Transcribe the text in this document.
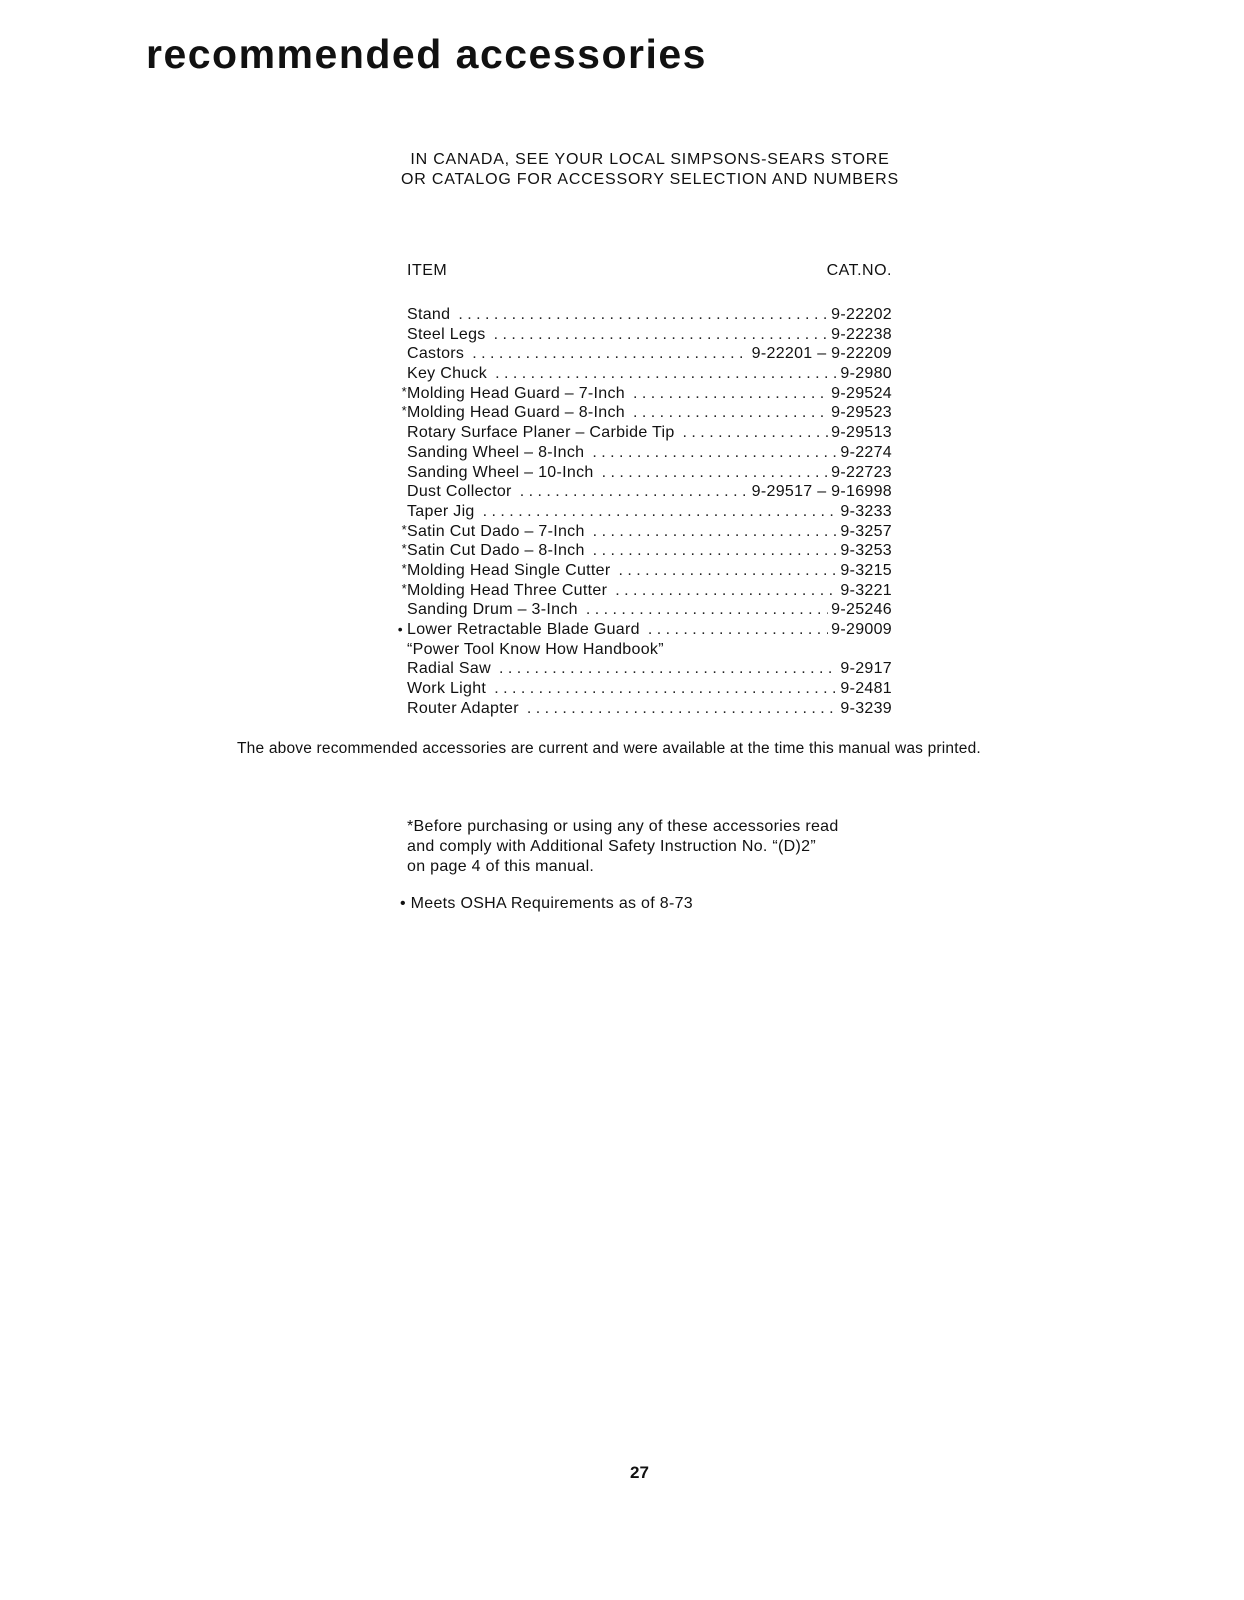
recommended accessories
IN CANADA, SEE YOUR LOCAL SIMPSONS-SEARS STORE
OR CATALOG FOR ACCESSORY SELECTION AND NUMBERS
ITEM	CAT.NO.
Stand . . .	9-22202
Steel Legs . . .	9-22238
Castors . . .	9-22201 – 9-22209
Key Chuck . . .	9-2980
* Molding Head Guard – 7-Inch . . .	9-29524
* Molding Head Guard – 8-Inch . . .	9-29523
Rotary Surface Planer – Carbide Tip . . .	9-29513
Sanding Wheel – 8-Inch . . .	9-2274
Sanding Wheel – 10-Inch . . .	9-22723
Dust Collector . . .	9-29517 – 9-16998
Taper Jig . . .	9-3233
* Satin Cut Dado – 7-Inch . . .	9-3257
* Satin Cut Dado – 8-Inch . . .	9-3253
* Molding Head Single Cutter . . .	9-3215
* Molding Head Three Cutter . . .	9-3221
Sanding Drum – 3-Inch . . .	9-25246
• Lower Retractable Blade Guard . . .	9-29009
“Power Tool Know How Handbook”
Radial Saw . . .	9-2917
Work Light . . .	9-2481
Router Adapter . . .	9-3239
The above recommended accessories are current and were available at the time this manual was printed.
*Before purchasing or using any of these accessories read
and comply with Additional Safety Instruction No. “(D)2”
on page 4 of this manual.
• Meets OSHA Requirements as of 8-73
27
